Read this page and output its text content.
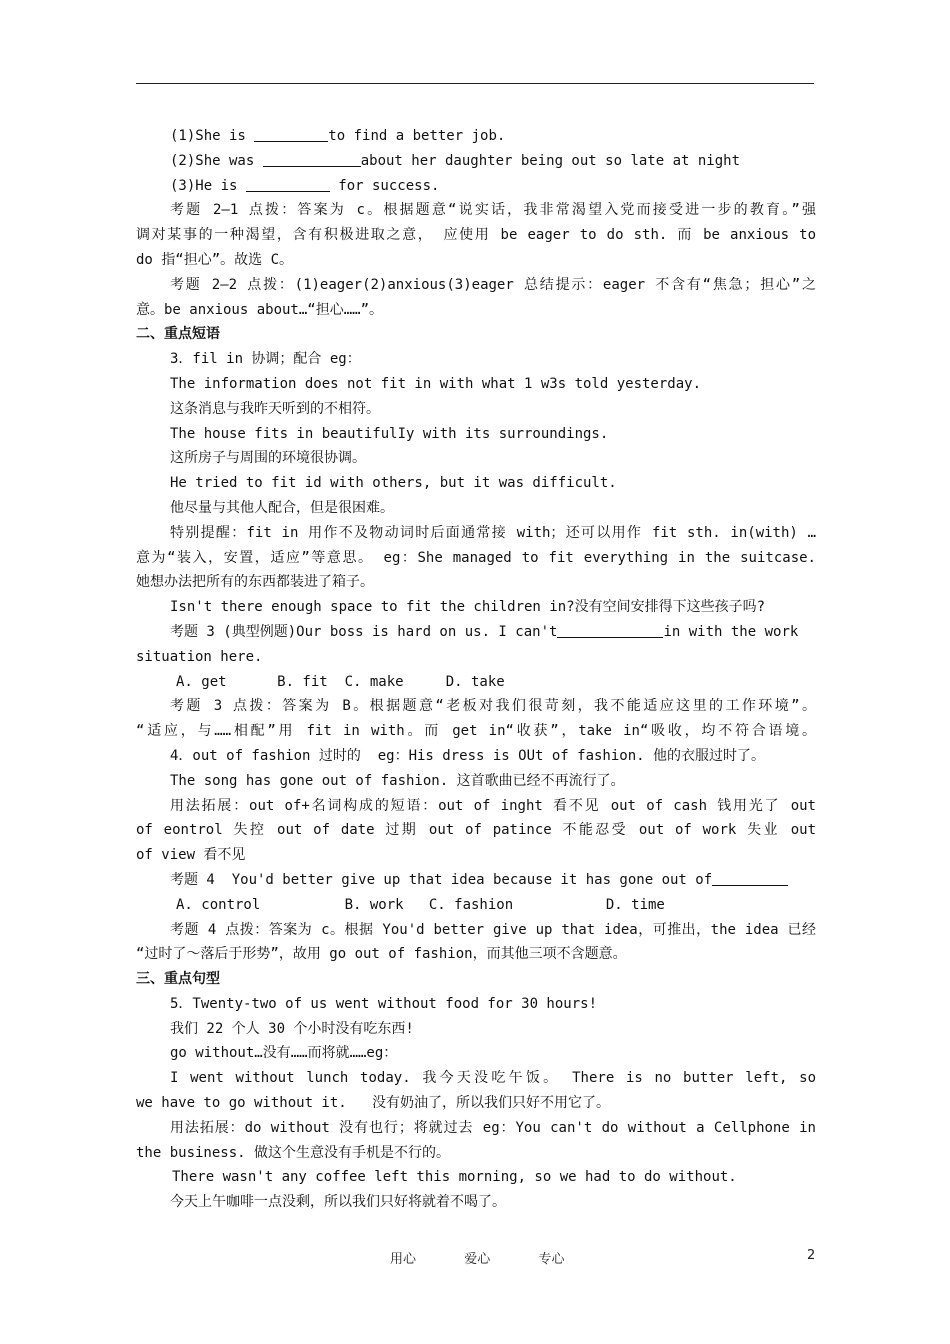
(1)She is	to find a better job.
(2)She was	about her daughter being out so late at night
(3)He is	for success.
考题 2—1 点拨：答案为 c。根据题意“说实话，我非常渴望入党而接受进一步的教育。”强
调对某事的一种渴望，含有积极进取之意， 应使用 be eager to do sth. 而 be anxious to
do 指“担心”。故选 C。
考题 2—2 点拨：(1)eager(2)anxious(3)eager 总结提示：eager 不含有“焦急；担心”之
意。be anxious about…“担心……”。
二、重点短语
3．fil in 协调；配合 eg：
The information does not fit in with what 1 w3s told yesterday.
这条消息与我昨天听到的不相符。
The house fits in beautifulIy with its surroundings.
这所房子与周围的环境很协调。
He tried to fit id with others, but it was difficult.
他尽量与其他人配合，但是很困难。
特别提醒：fit in 用作不及物动词时后面通常接 with；还可以用作 fit sth. in(with) …
意为“装入，安置，适应”等意思。 eg：She managed to fit everything in the suitcase.
她想办法把所有的东西都装进了箱子。
Isn't there enough space to fit the children in?没有空间安排得下这些孩子吗?
考题 3 (典型例题)Our boss is hard on us. I can't	in with the work
situation here.
A. get      B. fit  C. make     D. take
考题 3 点拨：答案为 B。根据题意“老板对我们很苛刻，我不能适应这里的工作环境”。
“适应，与……相配”用 fit in with。而 get in“收获”，take in“吸收，均不符合语境。
4．out of fashion 过时的  eg：His dress is OUt of fashion. 他的衣服过时了。
The song has gone out of fashion. 这首歌曲已经不再流行了。
用法拓展：out of+名词构成的短语：out of inght 看不见 out of cash 钱用光了 out
of eontrol 失控 out of date 过期 out of patince 不能忍受 out of work 失业 out
of view 看不见
考题 4  You'd better give up that idea because it has gone out of
A. control          B. work   C. fashion           D. time
考题 4 点拨：答案为 c。根据 You'd better give up that idea，可推出，the idea 已经
“过时了～落后于形势”，故用 go out of fashion，而其他三项不含题意。
三、重点句型
5．Twenty-two of us went without food for 30 hours!
我们 22 个人 30 个小时没有吃东西!
go without…没有……而将就……eg：
I went without lunch today. 我今天没吃午饭。 There is no butter left, so
we have to go without it.   没有奶油了，所以我们只好不用它了。
用法拓展：do without 没有也行；将就过去 eg：You can't do without a Cellphone in
the business. 做这个生意没有手机是不行的。
There wasn't any coffee left this morning, so we had to do without.
今天上午咖啡一点没剩，所以我们只好将就着不喝了。
用心  爱心  专心	2
